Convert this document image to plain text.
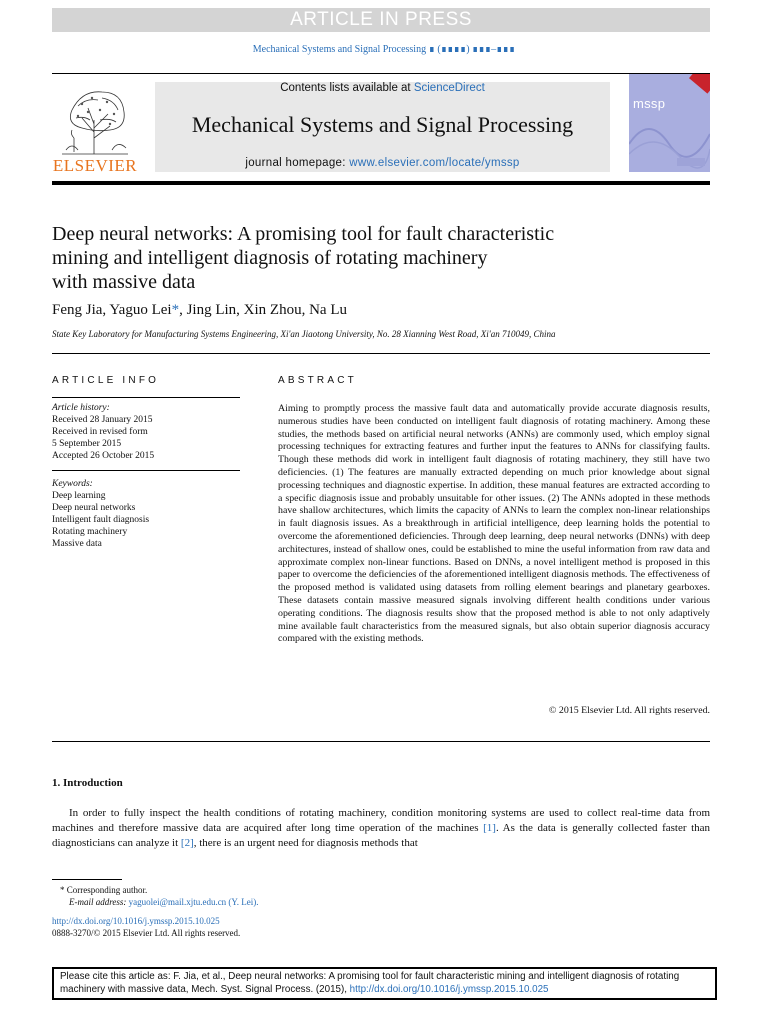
ARTICLE IN PRESS
Mechanical Systems and Signal Processing ∎ (∎∎∎∎) ∎∎∎–∎∎∎
ELSEVIER
Contents lists available at ScienceDirect
Mechanical Systems and Signal Processing
journal homepage: www.elsevier.com/locate/ymssp
mssp
Deep neural networks: A promising tool for fault characteristic
mining and intelligent diagnosis of rotating machinery
with massive data
Feng Jia, Yaguo Lei*, Jing Lin, Xin Zhou, Na Lu
State Key Laboratory for Manufacturing Systems Engineering, Xi'an Jiaotong University, No. 28 Xianning West Road, Xi'an 710049, China
ARTICLE INFO	ABSTRACT
Article history:
Received 28 January 2015
Received in revised form
5 September 2015
Accepted 26 October 2015
Keywords:
Deep learning
Deep neural networks
Intelligent fault diagnosis
Rotating machinery
Massive data
Aiming to promptly process the massive fault data and automatically provide accurate diagnosis results, numerous studies have been conducted on intelligent fault diagnosis of rotating machinery. Among these studies, the methods based on artificial neural networks (ANNs) are commonly used, which employ signal processing techniques for extracting features and further input the features to ANNs for classifying faults. Though these methods did work in intelligent fault diagnosis of rotating machinery, they still have two deficiencies. (1) The features are manually extracted depending on much prior knowledge about signal processing techniques and diagnostic expertise. In addition, these manual features are extracted according to a specific diagnosis issue and probably unsuitable for other issues. (2) The ANNs adopted in these methods have shallow architectures, which limits the capacity of ANNs to learn the complex non-linear relationships in fault diagnosis issues. As a breakthrough in artificial intelligence, deep learning holds the potential to overcome the aforementioned deficiencies. Through deep learning, deep neural networks (DNNs) with deep architectures, instead of shallow ones, could be established to mine the useful information from raw data and approximate complex non-linear functions. Based on DNNs, a novel intelligent method is proposed in this paper to overcome the deficiencies of the aforementioned intelligent diagnosis methods. The effectiveness of the proposed method is validated using datasets from rolling element bearings and planetary gearboxes. These datasets contain massive measured signals involving different health conditions under various operating conditions. The diagnosis results show that the proposed method is able to not only adaptively mine available fault characteristics from the measured signals, but also obtain superior diagnosis accuracy compared with the existing methods.
© 2015 Elsevier Ltd. All rights reserved.
1. Introduction
In order to fully inspect the health conditions of rotating machinery, condition monitoring systems are used to collect real-time data from machines and therefore massive data are acquired after long time operation of the machines [1]. As the data is generally collected faster than diagnosticians can analyze it [2], there is an urgent need for diagnosis methods that
* Corresponding author.
E-mail address: yaguolei@mail.xjtu.edu.cn (Y. Lei).
http://dx.doi.org/10.1016/j.ymssp.2015.10.025
0888-3270/© 2015 Elsevier Ltd. All rights reserved.
Please cite this article as: F. Jia, et al., Deep neural networks: A promising tool for fault characteristic mining and intelligent diagnosis of rotating machinery with massive data, Mech. Syst. Signal Process. (2015), http://dx.doi.org/10.1016/j.ymssp.2015.10.025
